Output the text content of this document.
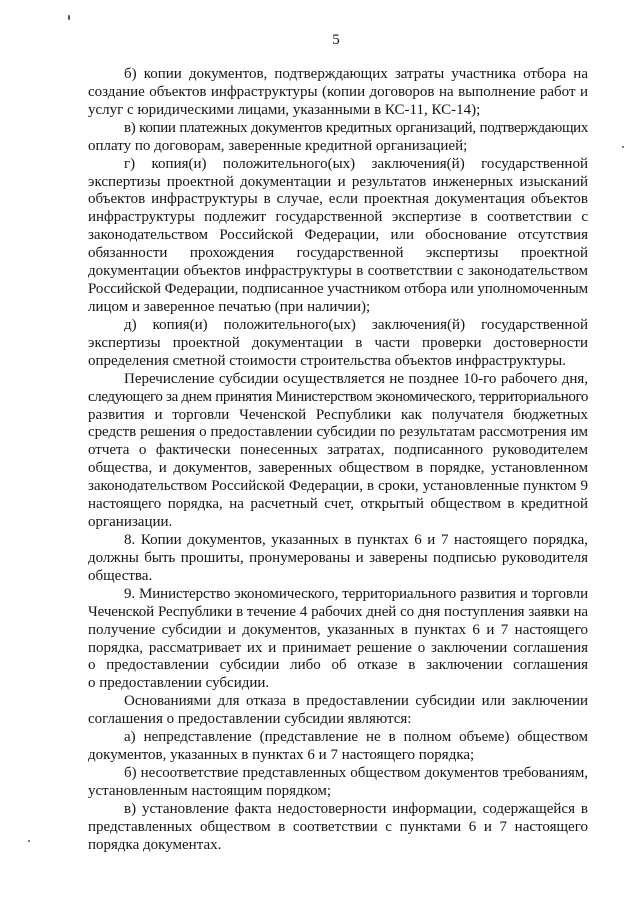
5
б) копии документов, подтверждающих затраты участника отбора на
создание объектов инфраструктуры (копии договоров на выполнение работ и
услуг с юридическими лицами, указанными в КС-11, КС-14);
в) копии платежных документов кредитных организаций, подтверждающих
оплату по договорам, заверенные кредитной организацией;
г) копия(и) положительного(ых) заключения(й) государственной
экспертизы проектной документации и результатов инженерных изысканий
объектов инфраструктуры в случае, если проектная документация объектов
инфраструктуры подлежит государственной экспертизе в соответствии с
законодательством Российской Федерации, или обоснование отсутствия
обязанности прохождения государственной экспертизы проектной
документации объектов инфраструктуры в соответствии с законодательством
Российской Федерации, подписанное участником отбора или уполномоченным
лицом и заверенное печатью (при наличии);
д) копия(и) положительного(ых) заключения(й) государственной
экспертизы проектной документации в части проверки достоверности
определения сметной стоимости строительства объектов инфраструктуры.
Перечисление субсидии осуществляется не позднее 10-го рабочего дня,
следующего за днем принятия Министерством экономического, территориального
развития и торговли Чеченской Республики как получателя бюджетных
средств решения о предоставлении субсидии по результатам рассмотрения им
отчета о фактически понесенных затратах, подписанного руководителем
общества, и документов, заверенных обществом в порядке, установленном
законодательством Российской Федерации, в сроки, установленные пунктом 9
настоящего порядка, на расчетный счет, открытый обществом в кредитной
организации.
8. Копии документов, указанных в пунктах 6 и 7 настоящего порядка,
должны быть прошиты, пронумерованы и заверены подписью руководителя
общества.
9. Министерство экономического, территориального развития и торговли
Чеченской Республики в течение 4 рабочих дней со дня поступления заявки на
получение субсидии и документов, указанных в пунктах 6 и 7 настоящего
порядка, рассматривает их и принимает решение о заключении соглашения
о предоставлении субсидии либо об отказе в заключении соглашения
о предоставлении субсидии.
Основаниями для отказа в предоставлении субсидии или заключении
соглашения о предоставлении субсидии являются:
а) непредставление (представление не в полном объеме) обществом
документов, указанных в пунктах 6 и 7 настоящего порядка;
б) несоответствие представленных обществом документов требованиям,
установленным настоящим порядком;
в) установление факта недостоверности информации, содержащейся в
представленных обществом в соответствии с пунктами 6 и 7 настоящего
порядка документах.
